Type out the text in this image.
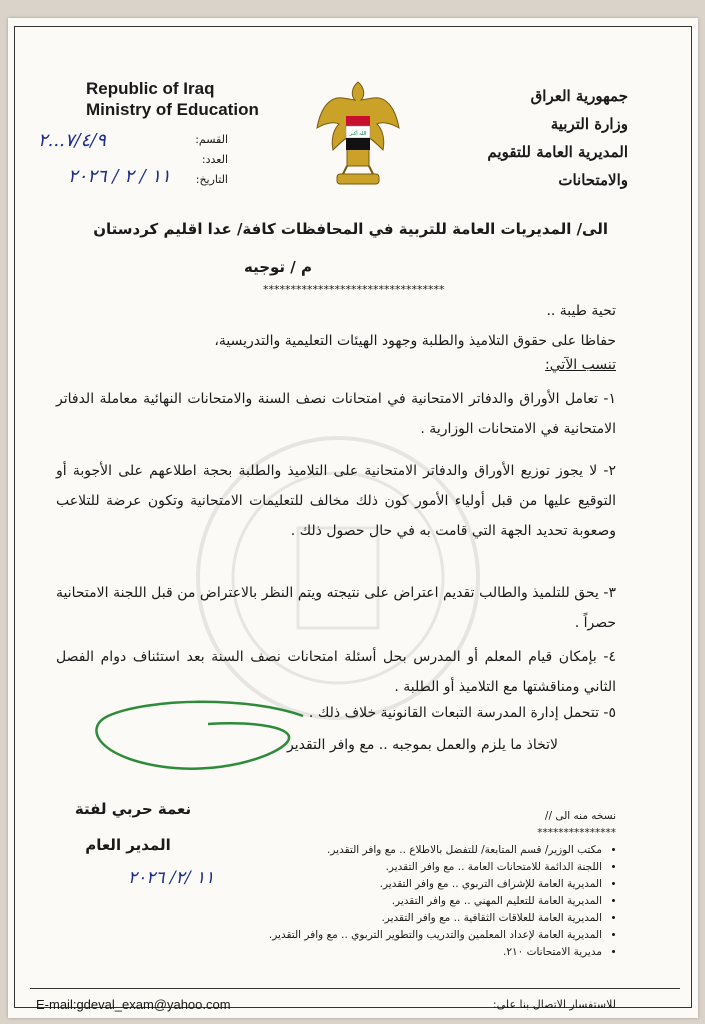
Republic of Iraq
Ministry of Education
القسم:
العدد:
التاريخ:
٧/٤/٩...٢
١١ / ٢ / ٢٠٢٦
الله أكبر
جمهورية العراق
وزارة التربية
المديرية العامة للتقويم والامتحانات
الى/ المديريات العامة للتربية في المحافظات كافة/ عدا اقليم كردستان
م / توجيه
*********************************
تحية طيبة ..
حفاظا على حقوق التلاميذ والطلبة وجهود الهيئات التعليمية والتدريسية،
تنسب الآتي:
١- تعامل الأوراق والدفاتر الامتحانية في امتحانات نصف السنة والامتحانات النهائية معاملة الدفاتر الامتحانية في الامتحانات الوزارية .
٢- لا يجوز توزيع الأوراق والدفاتر الامتحانية على التلاميذ والطلبة بحجة اطلاعهم على الأجوبة أو التوقيع عليها من قبل أولياء الأمور كون ذلك مخالف للتعليمات الامتحانية وتكون عرضة للتلاعب وصعوبة تحديد الجهة التي قامت به في حال حصول ذلك .
٣- يحق للتلميذ والطالب تقديم اعتراض على نتيجته ويتم النظر بالاعتراض من قبل اللجنة الامتحانية حصراً .
٤- بإمكان قيام المعلم أو المدرس بحل أسئلة امتحانات نصف السنة بعد استئناف دوام الفصل الثاني ومناقشتها مع التلاميذ أو الطلبة .
٥- تتحمل إدارة المدرسة التبعات القانونية خلاف ذلك .
لاتخاذ ما يلزم والعمل بموجبه .. مع وافر التقدير
نعمة حربي لفتة
المدير العام
١١ /٢/ ٢٠٢٦
نسخه منه الى //
***************
• مكتب الوزير/ قسم المتابعة/ للتفضل بالاطلاع .. مع وافر التقدير.
• اللجنة الدائمة للامتحانات العامة .. مع وافر التقدير.
• المديرية العامة للإشراف التربوي .. مع وافر التقدير.
• المديرية العامة للتعليم المهني .. مع وافر التقدير.
• المديرية العامة للعلاقات الثقافية .. مع وافر التقدير.
• المديرية العامة لإعداد المعلمين والتدريب والتطوير التربوي .. مع وافر التقدير.
• مديرية الامتحانات ٢١٠.
E-mail:gdeval_exam@yahoo.com	للاستفسار الاتصال بنا على:
